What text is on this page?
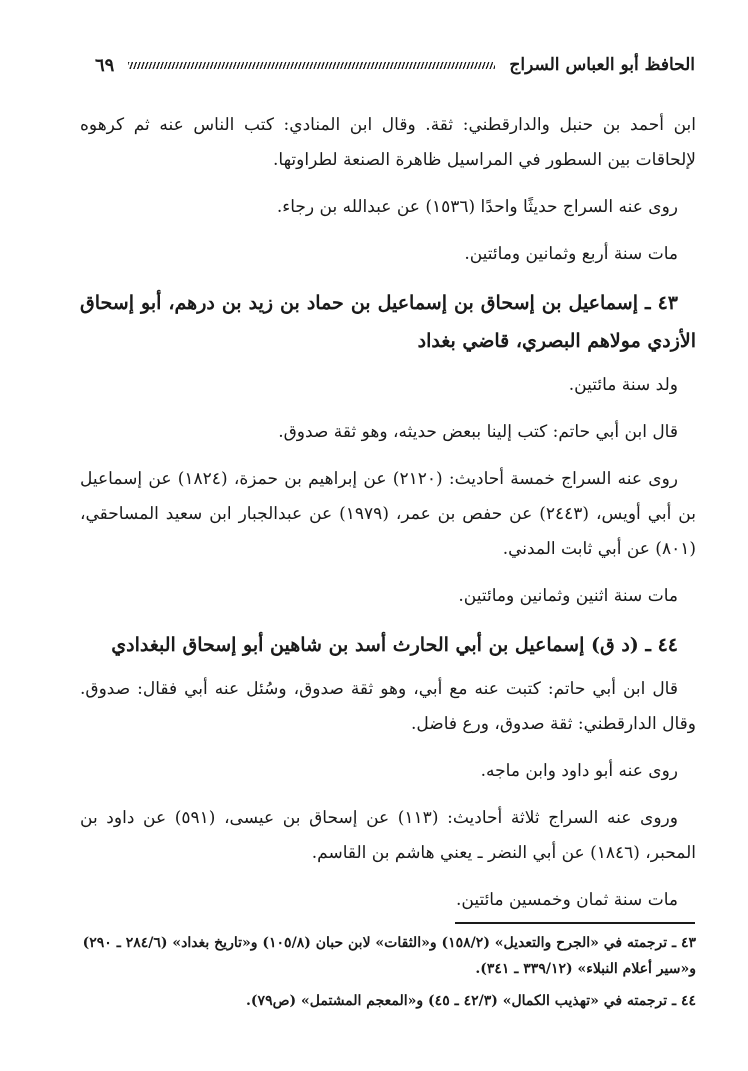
الحافظ أبو العباس السراج
٦٩

ابن أحمد بن حنبل والدارقطني: ثقة. وقال ابن المنادي: كتب الناس عنه ثم كرهوه لإلحاقات بين السطور في المراسيل ظاهرة الصنعة لطراوتها.

روى عنه السراج حديثًا واحدًا (١٥٣٦) عن عبدالله بن رجاء.

مات سنة أربع وثمانين ومائتين.

٤٣ ـ إسماعيل بن إسحاق بن إسماعيل بن حماد بن زيد بن درهم، أبو إسحاق الأزدي مولاهم البصري، قاضي بغداد

ولد سنة مائتين.

قال ابن أبي حاتم: كتب إلينا ببعض حديثه، وهو ثقة صدوق.

روى عنه السراج خمسة أحاديث: (٢١٢٠) عن إبراهيم بن حمزة، (١٨٢٤) عن إسماعيل بن أبي أويس، (٢٤٤٣) عن حفص بن عمر، (١٩٧٩) عن عبدالجبار ابن سعيد المساحقي، (٨٠١) عن أبي ثابت المدني.

مات سنة اثنين وثمانين ومائتين.

٤٤ ـ (د ق) إسماعيل بن أبي الحارث أسد بن شاهين أبو إسحاق البغدادي

قال ابن أبي حاتم: كتبت عنه مع أبي، وهو ثقة صدوق، وسُئل عنه أبي فقال: صدوق. وقال الدارقطني: ثقة صدوق، ورع فاضل.

روى عنه أبو داود وابن ماجه.

وروى عنه السراج ثلاثة أحاديث: (١١٣) عن إسحاق بن عيسى، (٥٩١) عن داود بن المحبر، (١٨٤٦) عن أبي النضر ـ يعني هاشم بن القاسم.

مات سنة ثمان وخمسين مائتين.

٤٣ ـ ترجمته في «الجرح والتعديل» (١٥٨/٢) و«الثقات» لابن حبان (١٠٥/٨) و«تاريخ بغداد» (٢٨٤/٦ ـ ٢٩٠) و«سير أعلام النبلاء» (٣٣٩/١٢ ـ ٣٤١).

٤٤ ـ ترجمته في «تهذيب الكمال» (٤٢/٣ ـ ٤٥) و«المعجم المشتمل» (ص٧٩).
